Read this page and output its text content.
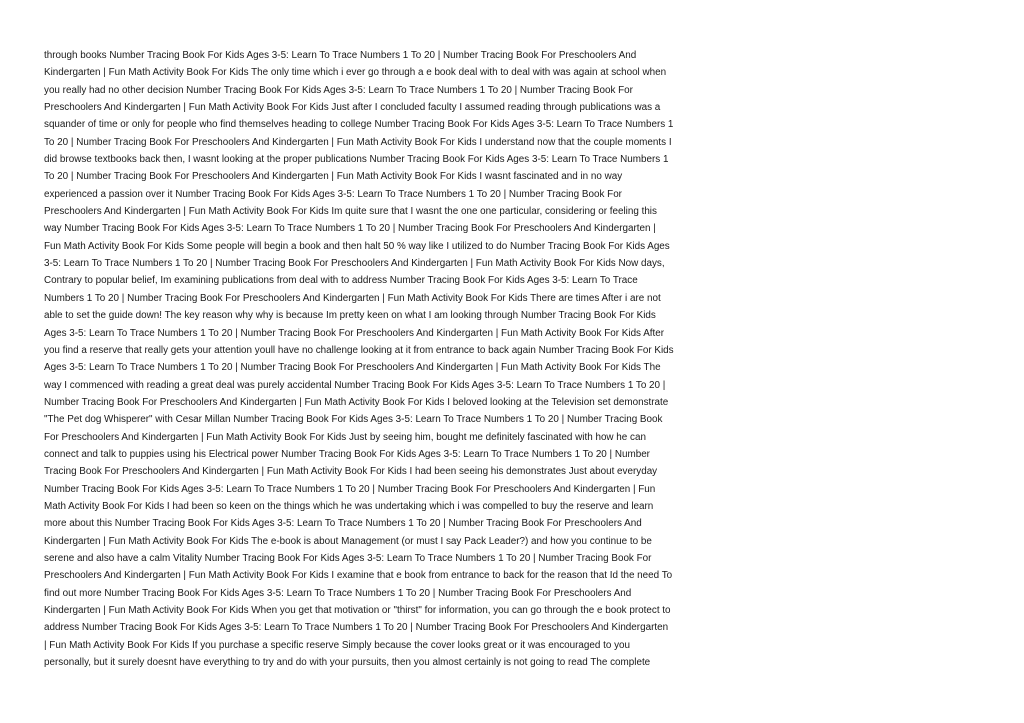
through books Number Tracing Book For Kids Ages 3-5: Learn To Trace Numbers 1 To 20 | Number Tracing Book For Preschoolers And
Kindergarten | Fun Math Activity Book For Kids The only time which i ever go through a e book deal with to deal with was again at school when
you really had no other decision Number Tracing Book For Kids Ages 3-5: Learn To Trace Numbers 1 To 20 | Number Tracing Book For
Preschoolers And Kindergarten | Fun Math Activity Book For Kids Just after I concluded faculty I assumed reading through publications was a
squander of time or only for people who find themselves heading to college Number Tracing Book For Kids Ages 3-5: Learn To Trace Numbers 1
To 20 | Number Tracing Book For Preschoolers And Kindergarten | Fun Math Activity Book For Kids I understand now that the couple moments I
did browse textbooks back then, I wasnt looking at the proper publications Number Tracing Book For Kids Ages 3-5: Learn To Trace Numbers 1
To 20 | Number Tracing Book For Preschoolers And Kindergarten | Fun Math Activity Book For Kids I wasnt fascinated and in no way
experienced a passion over it Number Tracing Book For Kids Ages 3-5: Learn To Trace Numbers 1 To 20 | Number Tracing Book For
Preschoolers And Kindergarten | Fun Math Activity Book For Kids Im quite sure that I wasnt the one one particular, considering or feeling this
way Number Tracing Book For Kids Ages 3-5: Learn To Trace Numbers 1 To 20 | Number Tracing Book For Preschoolers And Kindergarten |
Fun Math Activity Book For Kids Some people will begin a book and then halt 50 % way like I utilized to do Number Tracing Book For Kids Ages
3-5: Learn To Trace Numbers 1 To 20 | Number Tracing Book For Preschoolers And Kindergarten | Fun Math Activity Book For Kids Now days,
Contrary to popular belief, Im examining publications from deal with to address Number Tracing Book For Kids Ages 3-5: Learn To Trace
Numbers 1 To 20 | Number Tracing Book For Preschoolers And Kindergarten | Fun Math Activity Book For Kids There are times After i are not
able to set the guide down! The key reason why why is because Im pretty keen on what I am looking through Number Tracing Book For Kids
Ages 3-5: Learn To Trace Numbers 1 To 20 | Number Tracing Book For Preschoolers And Kindergarten | Fun Math Activity Book For Kids After
you find a reserve that really gets your attention youll have no challenge looking at it from entrance to back again Number Tracing Book For Kids
Ages 3-5: Learn To Trace Numbers 1 To 20 | Number Tracing Book For Preschoolers And Kindergarten | Fun Math Activity Book For Kids The
way I commenced with reading a great deal was purely accidental Number Tracing Book For Kids Ages 3-5: Learn To Trace Numbers 1 To 20 |
Number Tracing Book For Preschoolers And Kindergarten | Fun Math Activity Book For Kids I beloved looking at the Television set demonstrate
"The Pet dog Whisperer" with Cesar Millan Number Tracing Book For Kids Ages 3-5: Learn To Trace Numbers 1 To 20 | Number Tracing Book
For Preschoolers And Kindergarten | Fun Math Activity Book For Kids Just by seeing him, bought me definitely fascinated with how he can
connect and talk to puppies using his Electrical power Number Tracing Book For Kids Ages 3-5: Learn To Trace Numbers 1 To 20 | Number
Tracing Book For Preschoolers And Kindergarten | Fun Math Activity Book For Kids I had been seeing his demonstrates Just about everyday
Number Tracing Book For Kids Ages 3-5: Learn To Trace Numbers 1 To 20 | Number Tracing Book For Preschoolers And Kindergarten | Fun
Math Activity Book For Kids I had been so keen on the things which he was undertaking which i was compelled to buy the reserve and learn
more about this Number Tracing Book For Kids Ages 3-5: Learn To Trace Numbers 1 To 20 | Number Tracing Book For Preschoolers And
Kindergarten | Fun Math Activity Book For Kids The e-book is about Management (or must I say Pack Leader?) and how you continue to be
serene and also have a calm Vitality Number Tracing Book For Kids Ages 3-5: Learn To Trace Numbers 1 To 20 | Number Tracing Book For
Preschoolers And Kindergarten | Fun Math Activity Book For Kids I examine that e book from entrance to back for the reason that Id the need To
find out more Number Tracing Book For Kids Ages 3-5: Learn To Trace Numbers 1 To 20 | Number Tracing Book For Preschoolers And
Kindergarten | Fun Math Activity Book For Kids When you get that motivation or "thirst" for information, you can go through the e book protect to
address Number Tracing Book For Kids Ages 3-5: Learn To Trace Numbers 1 To 20 | Number Tracing Book For Preschoolers And Kindergarten
| Fun Math Activity Book For Kids If you purchase a specific reserve Simply because the cover looks great or it was encouraged to you
personally, but it surely doesnt have everything to try and do with your pursuits, then you almost certainly is not going to read The complete
